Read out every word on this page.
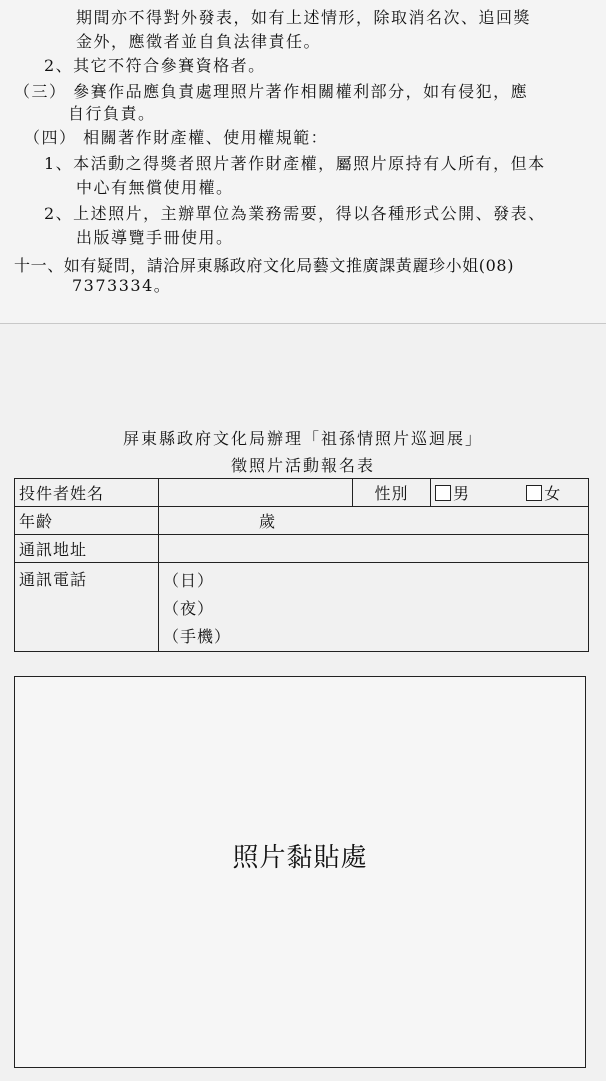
期間亦不得對外發表，如有上述情形，除取消名次、追回獎
金外，應徵者並自負法律責任。
2、其它不符合參賽資格者。
（三） 參賽作品應負責處理照片著作相關權利部分，如有侵犯，應
自行負責。
（四） 相關著作財產權、使用權規範：
1、本活動之得獎者照片著作財產權，屬照片原持有人所有，但本
中心有無償使用權。
2、上述照片，主辦單位為業務需要，得以各種形式公開、發表、
出版導覽手冊使用。
十一、如有疑問，請洽屏東縣政府文化局藝文推廣課黃麗珍小姐(08)
7373334。
屏東縣政府文化局辦理「祖孫情照片巡迴展」
徵照片活動報名表
投件者姓名		性別	男 女
年齡	歲		
通訊地址			
通訊電話	（日）
（夜）
（手機）		
照片黏貼處
